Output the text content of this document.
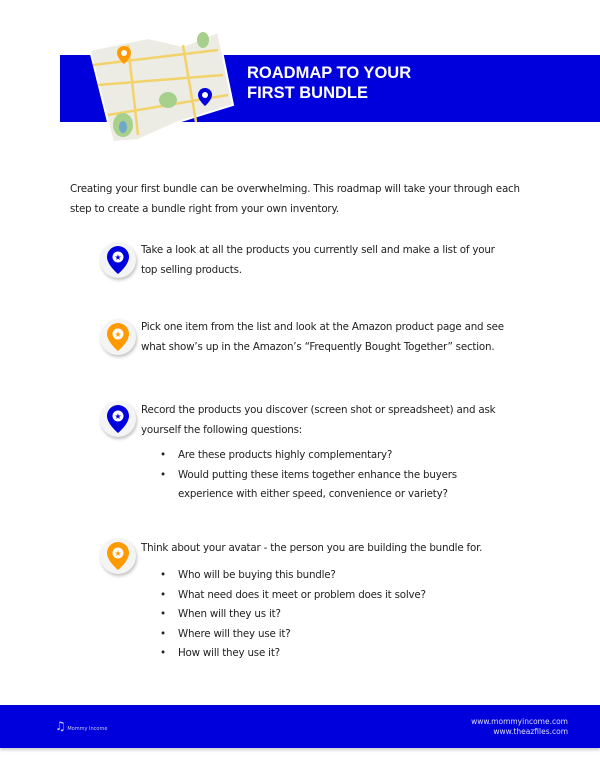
ROADMAP TO YOUR
FIRST BUNDLE
Creating your first bundle can be overwhelming. This roadmap will take your through each step to create a bundle right from your own inventory.
★
Take a look at all the products you currently sell and make a list of your top selling products.
★
Pick one item from the list and look at the Amazon product page and see what show’s up in the Amazon’s “Frequently Bought Together” section.
★
Record the products you discover (screen shot or spreadsheet) and ask yourself the following questions:
• Are these products highly complementary?
• Would putting these items together enhance the buyers experience with either speed, convenience or variety?
★ Think about your avatar - the person you are building the bundle for.
• Who will be buying this bundle?
• What need does it meet or problem does it solve?
• When will they us it?
• Where will they use it?
• How will they use it?
♫ Mommy Income
www.mommyincome.com
www.theazfiles.com
